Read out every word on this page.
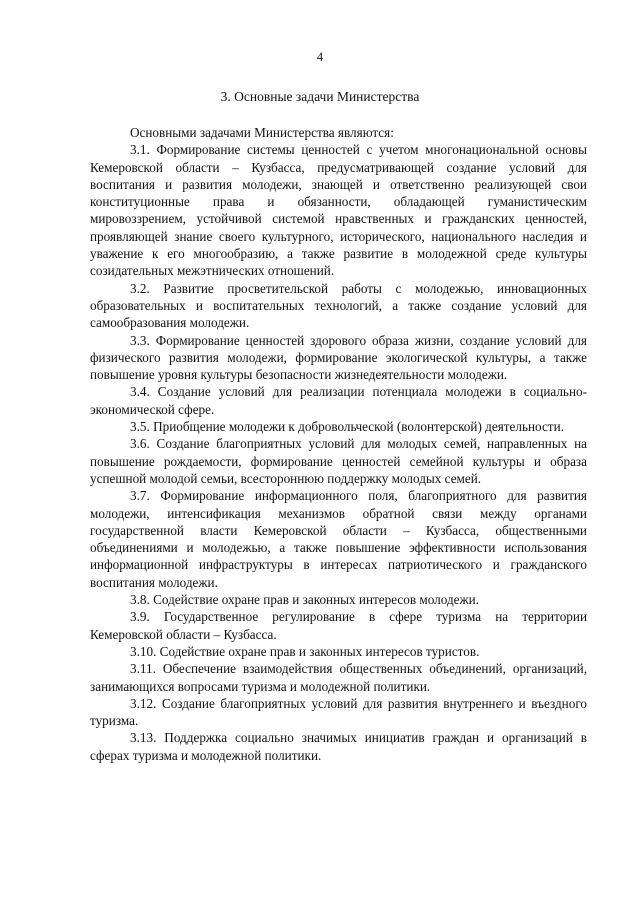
4
3. Основные задачи Министерства

Основными задачами Министерства являются:

3.1. Формирование системы ценностей с учетом многонациональной основы Кемеровской области – Кузбасса, предусматривающей создание условий для воспитания и развития молодежи, знающей и ответственно реализующей свои конституционные права и обязанности, обладающей гуманистическим мировоззрением, устойчивой системой нравственных и гражданских ценностей, проявляющей знание своего культурного, исторического, национального наследия и уважение к его многообразию, а также развитие в молодежной среде культуры созидательных межэтнических отношений.

3.2. Развитие просветительской работы с молодежью, инновационных образовательных и воспитательных технологий, а также создание условий для самообразования молодежи.

3.3. Формирование ценностей здорового образа жизни, создание условий для физического развития молодежи, формирование экологической культуры, а также повышение уровня культуры безопасности жизнедеятельности молодежи.

3.4. Создание условий для реализации потенциала молодежи в социально-экономической сфере.

3.5. Приобщение молодежи к добровольческой (волонтерской) деятельности.

3.6. Создание благоприятных условий для молодых семей, направленных на повышение рождаемости, формирование ценностей семейной культуры и образа успешной молодой семьи, всестороннюю поддержку молодых семей.

3.7. Формирование информационного поля, благоприятного для развития молодежи, интенсификация механизмов обратной связи между органами государственной власти Кемеровской области – Кузбасса, общественными объединениями и молодежью, а также повышение эффективности использования информационной инфраструктуры в интересах патриотического и гражданского воспитания молодежи.

3.8. Содействие охране прав и законных интересов молодежи.

3.9. Государственное регулирование в сфере туризма на территории Кемеровской области – Кузбасса.

3.10. Содействие охране прав и законных интересов туристов.

3.11. Обеспечение взаимодействия общественных объединений, организаций, занимающихся вопросами туризма и молодежной политики.

3.12. Создание благоприятных условий для развития внутреннего и въездного туризма.

3.13. Поддержка социально значимых инициатив граждан и организаций в сферах туризма и молодежной политики.
